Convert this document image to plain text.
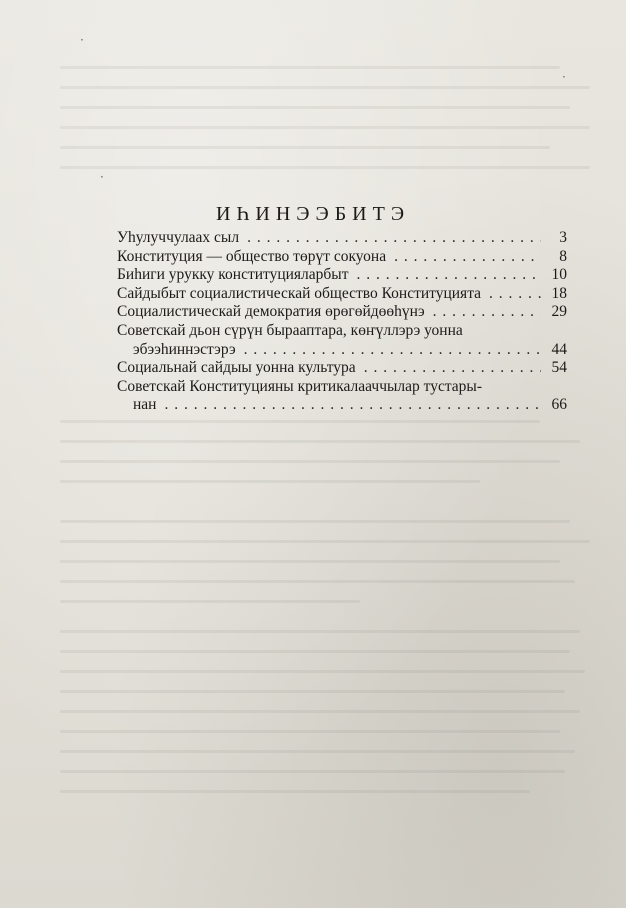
·
·
·
ИҺИНЭЭБИТЭ
Уһулуччулаах сыл . . .	3
Конституция — общество төрүт сокуона . . .	8
Биһиги урукку конституцияларбыт . . .	10
Сайдыбыт социалистическай общество Конституцията . . .	18
Социалистическай демократия өрөгөйдөөһүнэ . . .	29
Советскай дьон сүрүн бырааптара, көҥүллэрэ уонна
эбээһиннэстэрэ . . .	44
Социальнай сайдыы уонна культура . . .	54
Советскай Конституцияны критикалааччылар тустары-
нан . . .	66
